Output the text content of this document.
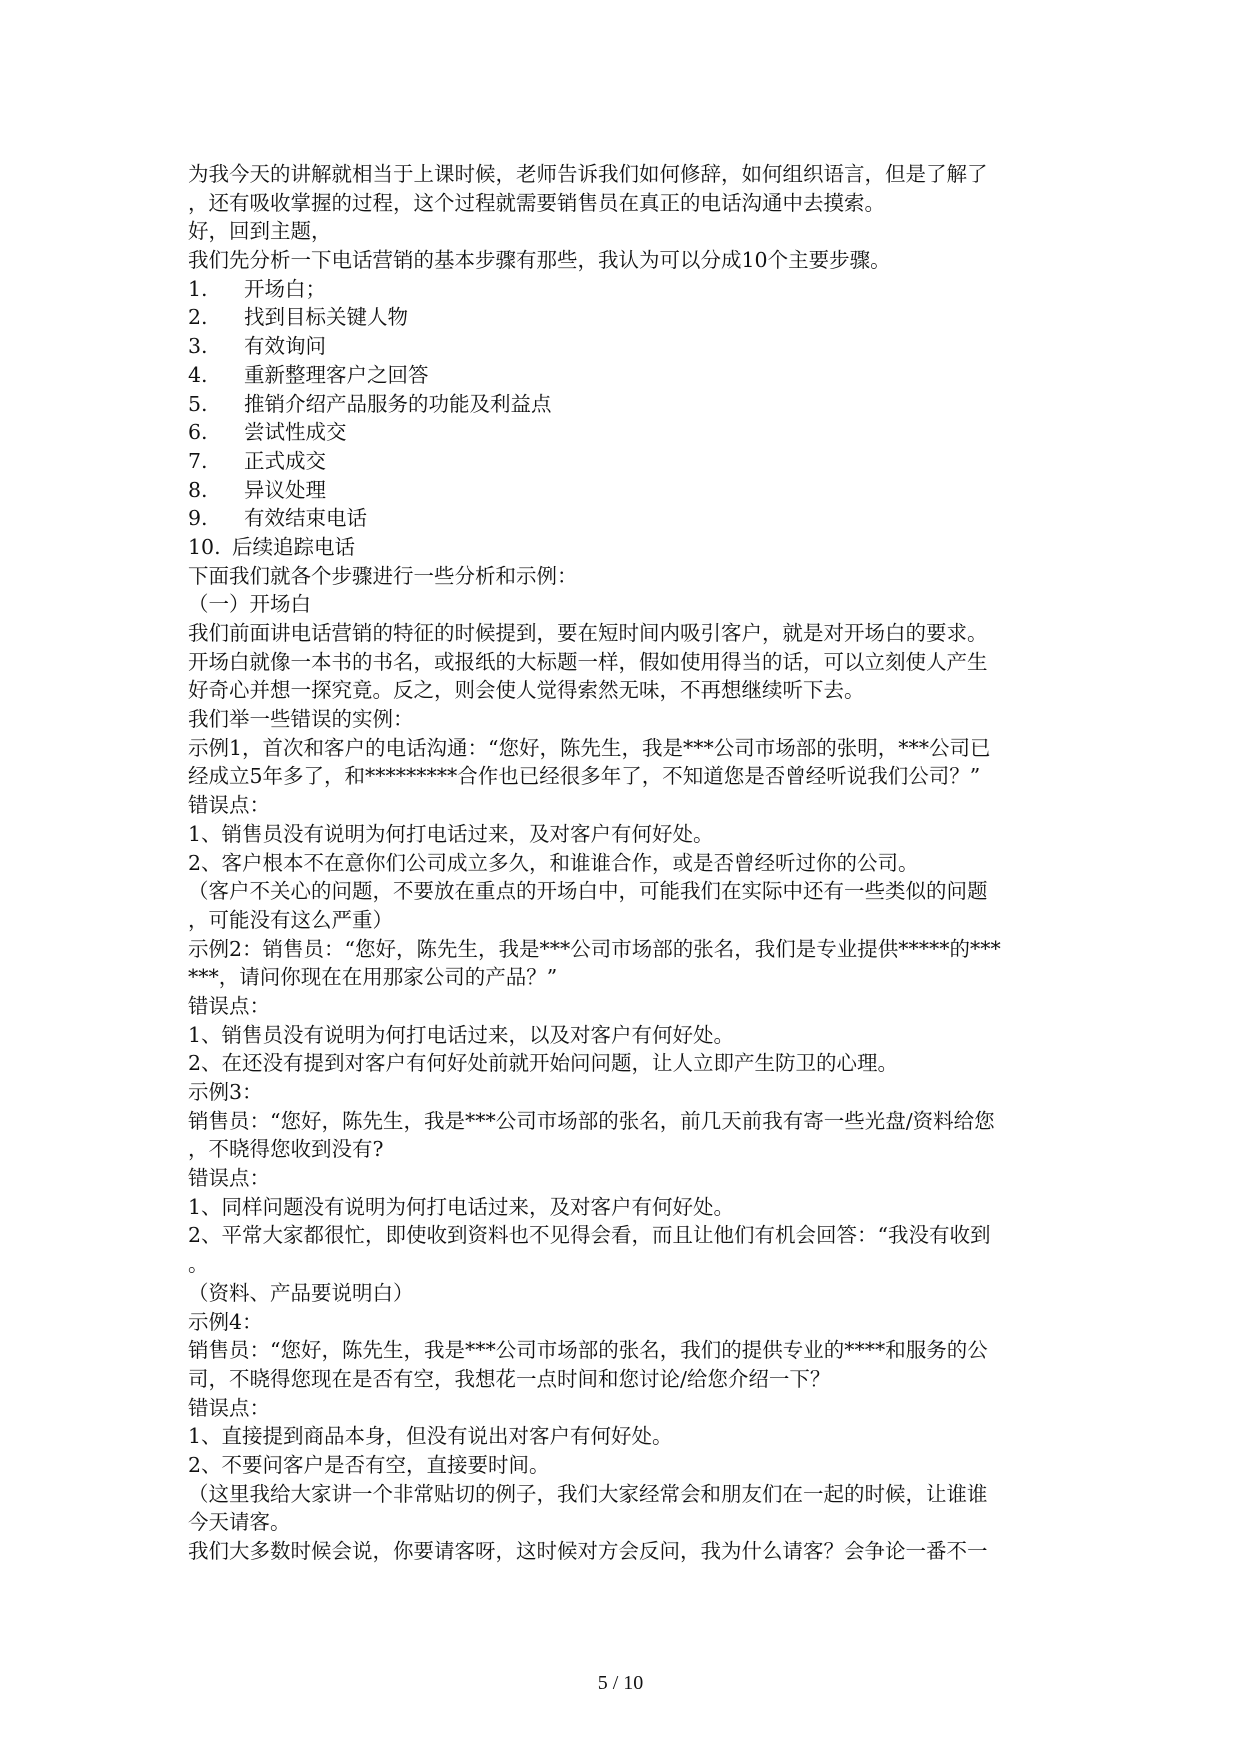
为我今天的讲解就相当于上课时候，老师告诉我们如何修辞，如何组织语言，但是了解了
，还有吸收掌握的过程，这个过程就需要销售员在真正的电话沟通中去摸索。
好，回到主题，
我们先分析一下电话营销的基本步骤有那些，我认为可以分成10个主要步骤。
1. 开场白；
2. 找到目标关键人物
3. 有效询问
4. 重新整理客户之回答
5. 推销介绍产品服务的功能及利益点
6. 尝试性成交
7. 正式成交
8. 异议处理
9. 有效结束电话
10. 后续追踪电话
下面我们就各个步骤进行一些分析和示例：
（一）开场白
我们前面讲电话营销的特征的时候提到，要在短时间内吸引客户，就是对开场白的要求。
开场白就像一本书的书名，或报纸的大标题一样，假如使用得当的话，可以立刻使人产生
好奇心并想一探究竟。反之，则会使人觉得索然无味，不再想继续听下去。
我们举一些错误的实例：
示例1，首次和客户的电话沟通：“您好，陈先生，我是***公司市场部的张明，***公司已
经成立5年多了，和*********合作也已经很多年了，不知道您是否曾经听说我们公司？”
错误点：
1、销售员没有说明为何打电话过来，及对客户有何好处。
2、客户根本不在意你们公司成立多久，和谁谁合作，或是否曾经听过你的公司。
（客户不关心的问题，不要放在重点的开场白中，可能我们在实际中还有一些类似的问题
，可能没有这么严重）
示例2：销售员：“您好，陈先生，我是***公司市场部的张名，我们是专业提供*****的***
***，请问你现在在用那家公司的产品？”
错误点：
1、销售员没有说明为何打电话过来，以及对客户有何好处。
2、在还没有提到对客户有何好处前就开始问问题，让人立即产生防卫的心理。
示例3：
销售员：“您好，陈先生，我是***公司市场部的张名，前几天前我有寄一些光盘/资料给您
，不晓得您收到没有?
错误点：
1、同样问题没有说明为何打电话过来，及对客户有何好处。
2、平常大家都很忙，即使收到资料也不见得会看，而且让他们有机会回答：“我没有收到
。
（资料、产品要说明白）
示例4：
销售员：“您好，陈先生，我是***公司市场部的张名，我们的提供专业的****和服务的公
司，不晓得您现在是否有空，我想花一点时间和您讨论/给您介绍一下？
错误点：
1、直接提到商品本身，但没有说出对客户有何好处。
2、不要问客户是否有空，直接要时间。
（这里我给大家讲一个非常贴切的例子，我们大家经常会和朋友们在一起的时候，让谁谁
今天请客。
我们大多数时候会说，你要请客呀，这时候对方会反问，我为什么请客？会争论一番不一
5 / 10
